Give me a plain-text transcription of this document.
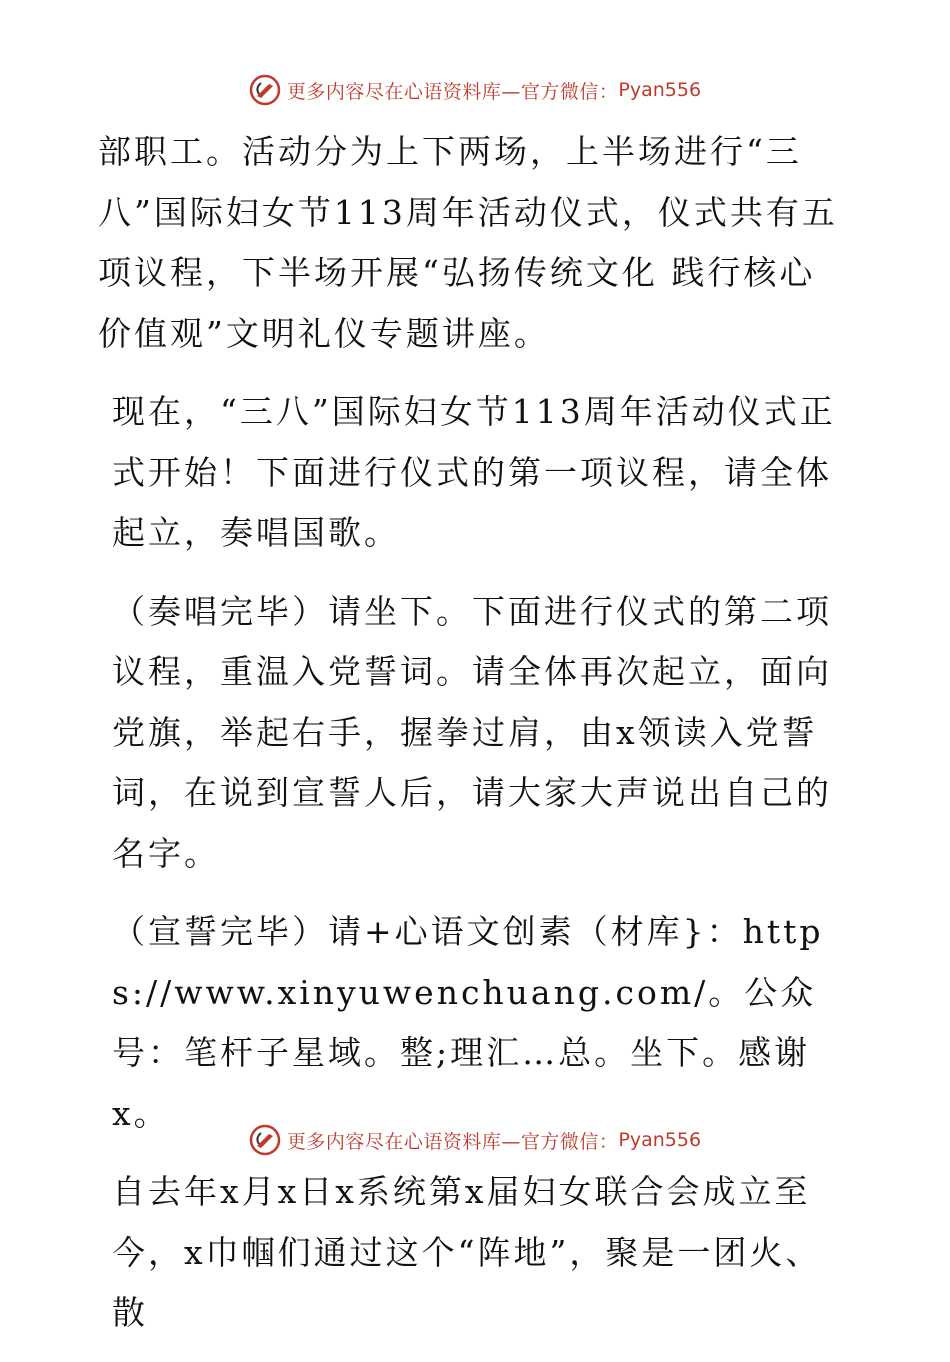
更多内容尽在心语资料库—官方微信： Pyan556

部职工。活动分为上下两场，上半场进行“三八”国际妇女节113周年活动仪式，仪式共有五项议程，下半场开展“弘扬传统文化 践行核心价值观”文明礼仪专题讲座。

现在，“三八”国际妇女节113周年活动仪式正式开始！下面进行仪式的第一项议程，请全体起立，奏唱国歌。

（奏唱完毕）请坐下。下面进行仪式的第二项议程，重温入党誓词。请全体再次起立，面向党旗，举起右手，握拳过肩，由x领读入党誓词，在说到宣誓人后，请大家大声说出自己的名字。

（宣誓完毕）请+心语文创素（材库}：https://www.xinyuwenchuang.com/。公众号：笔杆子星域。整;理汇…总。坐下。感谢x。

自去年x月x日x系统第x届妇女联合会成立至今，x巾帼们通过这个“阵地”，聚是一团火、散

更多内容尽在心语资料库—官方微信： Pyan556
